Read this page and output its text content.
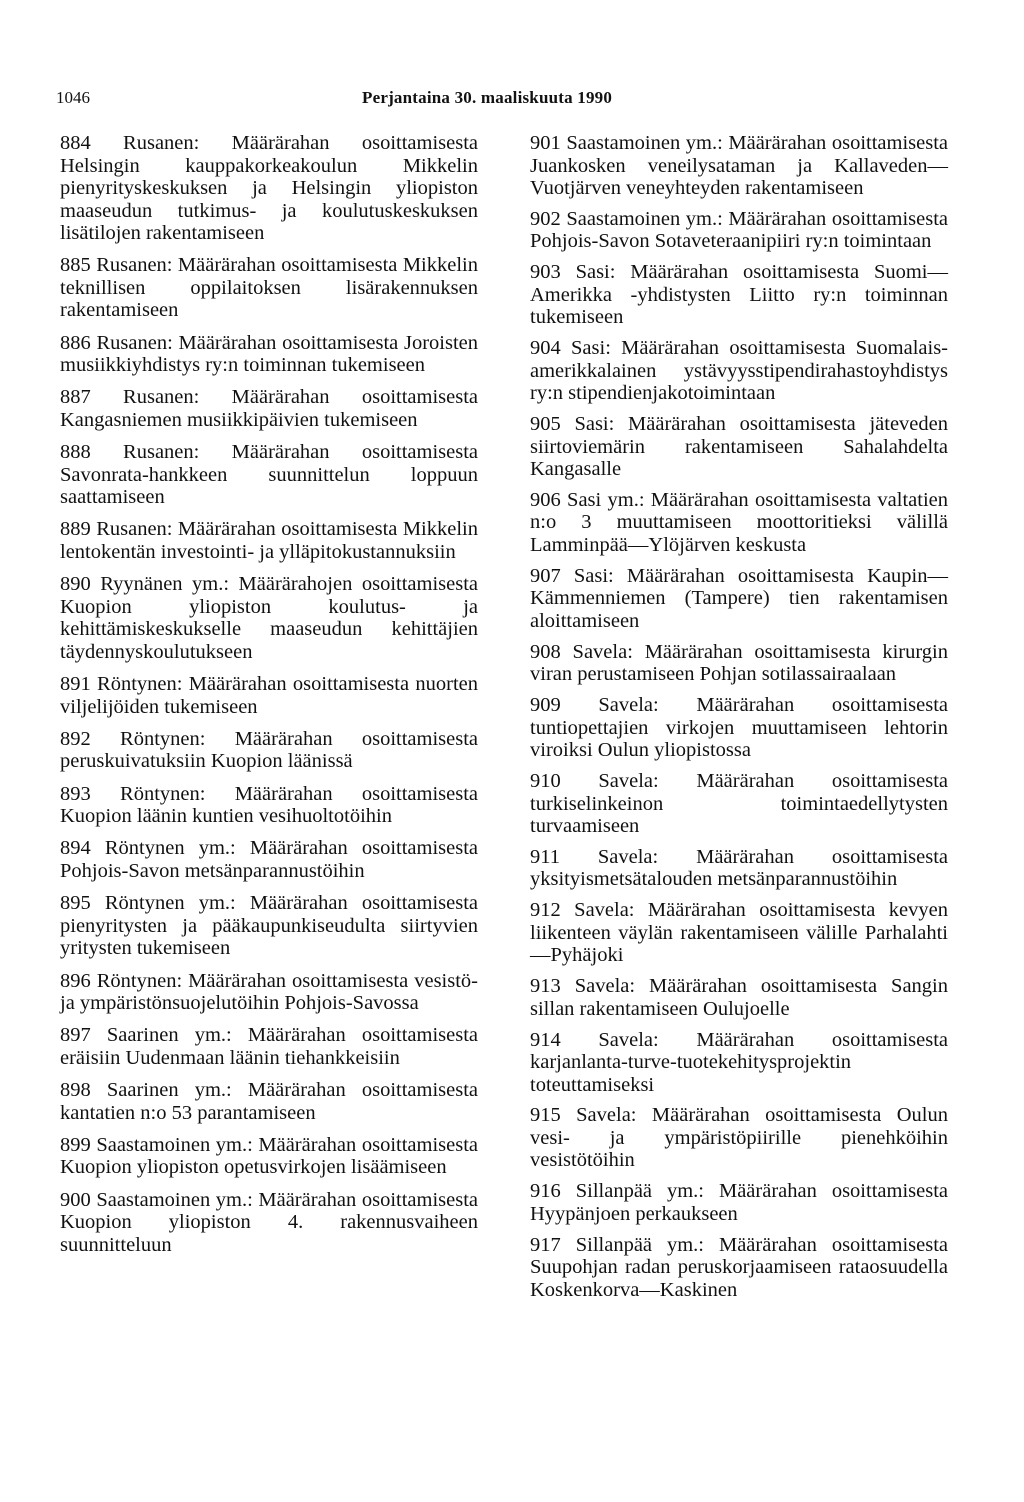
1046	Perjantaina 30. maaliskuuta 1990

884 Rusanen: Määrärahan osoittamisesta Helsingin kauppakorkeakoulun Mikkelin pienyrityskeskuksen ja Helsingin yliopiston maaseudun tutkimus- ja koulutuskeskuksen lisätilojen rakentamiseen

885 Rusanen: Määrärahan osoittamisesta Mikkelin teknillisen oppilaitoksen lisärakennuksen rakentamiseen

886 Rusanen: Määrärahan osoittamisesta Joroisten musiikkiyhdistys ry:n toiminnan tukemiseen

887 Rusanen: Määrärahan osoittamisesta Kangasniemen musiikkipäivien tukemiseen

888 Rusanen: Määrärahan osoittamisesta Savonrata-hankkeen suunnittelun loppuun saattamiseen

889 Rusanen: Määrärahan osoittamisesta Mikkelin lentokentän investointi- ja ylläpitokustannuksiin

890 Ryynänen ym.: Määrärahojen osoittamisesta Kuopion yliopiston koulutus- ja kehittämiskeskukselle maaseudun kehittäjien täydennyskoulutukseen

891 Röntynen: Määrärahan osoittamisesta nuorten viljelijöiden tukemiseen

892 Röntynen: Määrärahan osoittamisesta peruskuivatuksiin Kuopion läänissä

893 Röntynen: Määrärahan osoittamisesta Kuopion läänin kuntien vesihuoltotöihin

894 Röntynen ym.: Määrärahan osoittamisesta Pohjois-Savon metsänparannustöihin

895 Röntynen ym.: Määrärahan osoittamisesta pienyritysten ja pääkaupunkiseudulta siirtyvien yritysten tukemiseen

896 Röntynen: Määrärahan osoittamisesta vesistö- ja ympäristönsuojelutöihin Pohjois-Savossa

897 Saarinen ym.: Määrärahan osoittamisesta eräisiin Uudenmaan läänin tiehankkeisiin

898 Saarinen ym.: Määrärahan osoittamisesta kantatien n:o 53 parantamiseen

899 Saastamoinen ym.: Määrärahan osoittamisesta Kuopion yliopiston opetusvirkojen lisäämiseen

900 Saastamoinen ym.: Määrärahan osoittamisesta Kuopion yliopiston 4. rakennusvaiheen suunnitteluun

901 Saastamoinen ym.: Määrärahan osoittamisesta Juankosken veneilysataman ja Kallaveden—Vuotjärven veneyhteyden rakentamiseen

902 Saastamoinen ym.: Määrärahan osoittamisesta Pohjois-Savon Sotaveteraanipiiri ry:n toimintaan

903 Sasi: Määrärahan osoittamisesta Suomi—Amerikka -yhdistysten Liitto ry:n toiminnan tukemiseen

904 Sasi: Määrärahan osoittamisesta Suomalais-amerikkalainen ystävyysstipendirahastoyhdistys ry:n stipendienjakotoimintaan

905 Sasi: Määrärahan osoittamisesta jäteveden siirtoviemärin rakentamiseen Sahalahdelta Kangasalle

906 Sasi ym.: Määrärahan osoittamisesta valtatien n:o 3 muuttamiseen moottoritieksi välillä Lamminpää—Ylöjärven keskusta

907 Sasi: Määrärahan osoittamisesta Kaupin—Kämmenniemen (Tampere) tien rakentamisen aloittamiseen

908 Savela: Määrärahan osoittamisesta kirurgin viran perustamiseen Pohjan sotilassairaalaan

909 Savela: Määrärahan osoittamisesta tuntiopettajien virkojen muuttamiseen lehtorin viroiksi Oulun yliopistossa

910 Savela: Määrärahan osoittamisesta turkiselinkeinon toimintaedellytysten turvaamiseen

911 Savela: Määrärahan osoittamisesta yksityismetsätalouden metsänparannustöihin

912 Savela: Määrärahan osoittamisesta kevyen liikenteen väylän rakentamiseen välille Parhalahti—Pyhäjoki

913 Savela: Määrärahan osoittamisesta Sangin sillan rakentamiseen Oulujoelle

914 Savela: Määrärahan osoittamisesta karjanlanta-turve-tuotekehitysprojektin toteuttamiseksi

915 Savela: Määrärahan osoittamisesta Oulun vesi- ja ympäristöpiirille pienehköihin vesistötöihin

916 Sillanpää ym.: Määrärahan osoittamisesta Hyypänjoen perkaukseen

917 Sillanpää ym.: Määrärahan osoittamisesta Suupohjan radan peruskorjaamiseen rataosuudella Koskenkorva—Kaskinen
